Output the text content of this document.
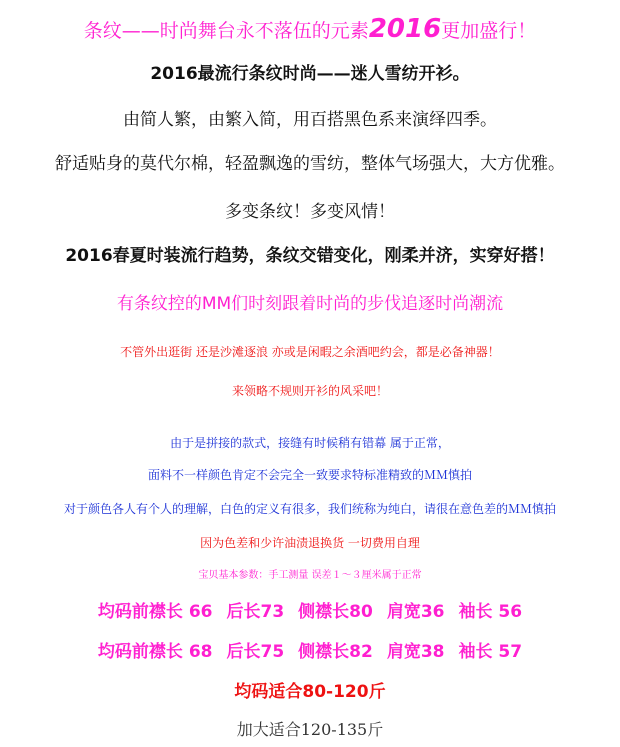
条纹——时尚舞台永不落伍的元素2016更加盛行！
2016最流行条纹时尚——迷人雪纺开衫。
由简人繁，由繁入简，用百搭黑色系来演绎四季。
舒适贴身的莫代尔棉，轻盈飘逸的雪纺，整体气场强大，大方优雅。
多变条纹！多变风情！
2016春夏时装流行趋势，条纹交错变化，刚柔并济，实穿好搭！
有条纹控的MM们时刻跟着时尚的步伐追逐时尚潮流
不管外出逛街 还是沙滩逐浪 亦或是闲暇之余酒吧约会，都是必备神器！
来领略不规则开衫的风采吧！
由于是拼接的款式，接缝有时候稍有错幕 属于正常，
面料不一样颜色肯定不会完全一致要求特标准精致的ＭＭ慎拍
对于颜色各人有个人的理解，白色的定义有很多，我们统称为纯白，请很在意色差的ＭＭ慎拍
因为色差和少许油渍退换货 一切费用自理
宝贝基本参数：手工测量 误差１～３厘米属于正常
均码前襟长 66 后长73 侧襟长80 肩宽36 袖长 56
均码前襟长 68 后长75 侧襟长82 肩宽38 袖长 57
均码适合80-120斤
加大适合120-135斤
